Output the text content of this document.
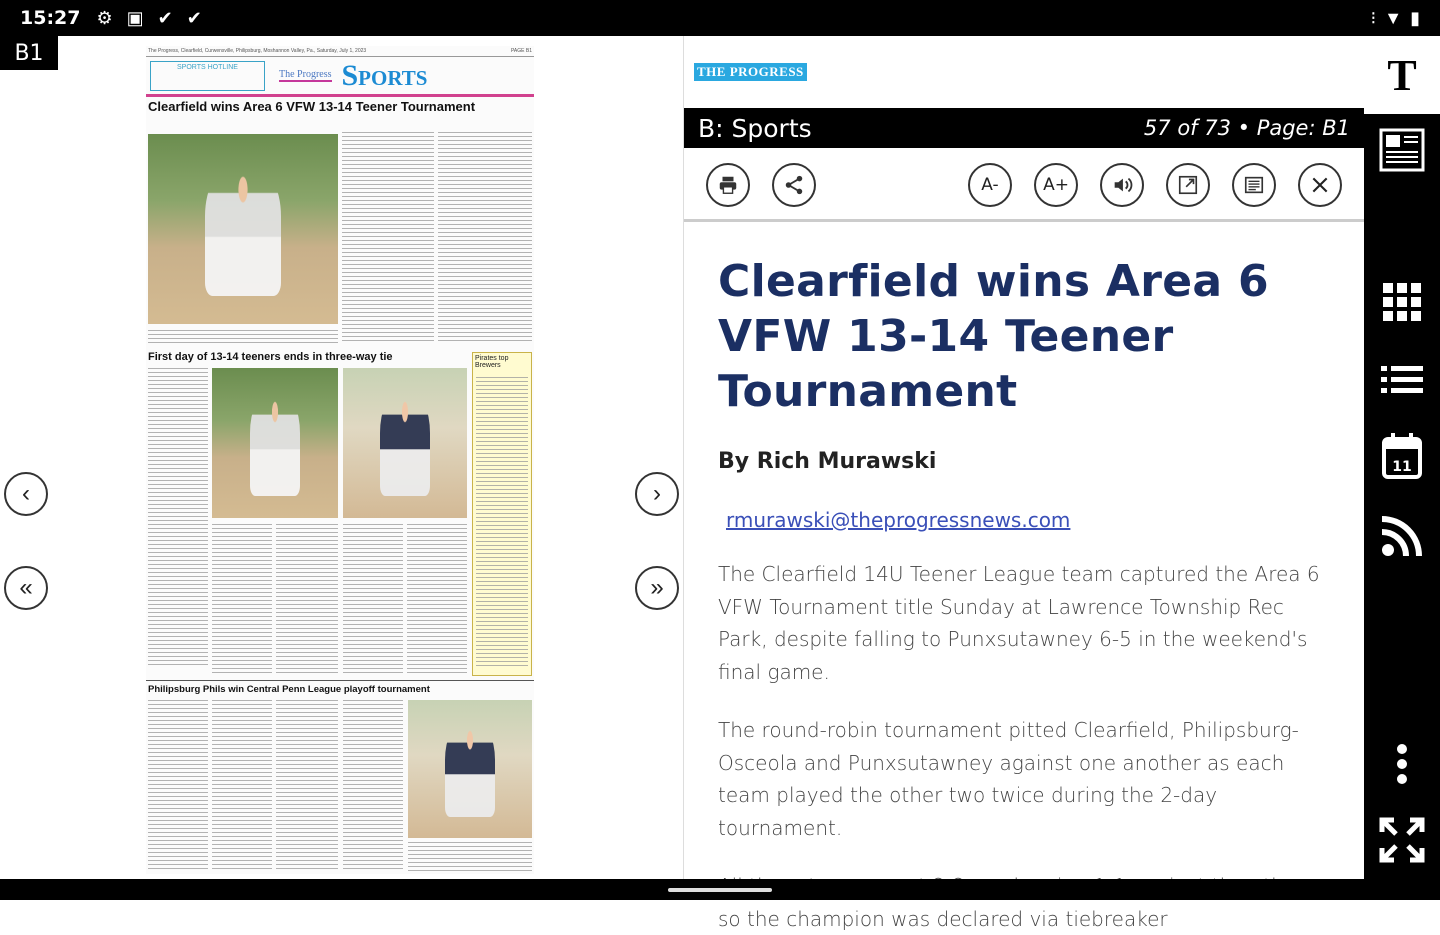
15:27 ⚙ ▣ ✔ ✔	⁝ ▼ ▮
‹
«
›
»
The Progress, Clearfield, Curwensville, Philipsburg, Moshannon Valley, Pa., Saturday, July 1, 2023	PAGE B1
SPORTS HOTLINE
The Progress Sports
Clearfield wins Area 6 VFW 13-14 Teener Tournament
First day of 13-14 teeners ends in three-way tie	Pirates top Brewers
Philipsburg Phils win Central Penn League playoff tournament
B1
THE PROGRESS
B: Sports	57 of 73 • Page: B1
A-	A+
Clearfield wins Area 6 VFW 13-14 Teener Tournament
By Rich Murawski
rmurawski@theprogressnews.com

The Clearfield 14U Teener League team captured the Area 6 VFW Tournament title Sunday at Lawrence Township Rec Park, despite falling to Punxsutawney 6-5 in the weekend's final game.

The round-robin tournament pitted Clearfield, Philipsburg-Osceola and Punxsutawney against one another as each team played the other two twice during the 2-day tournament.

so the champion was declared via tiebreaker

T
11
